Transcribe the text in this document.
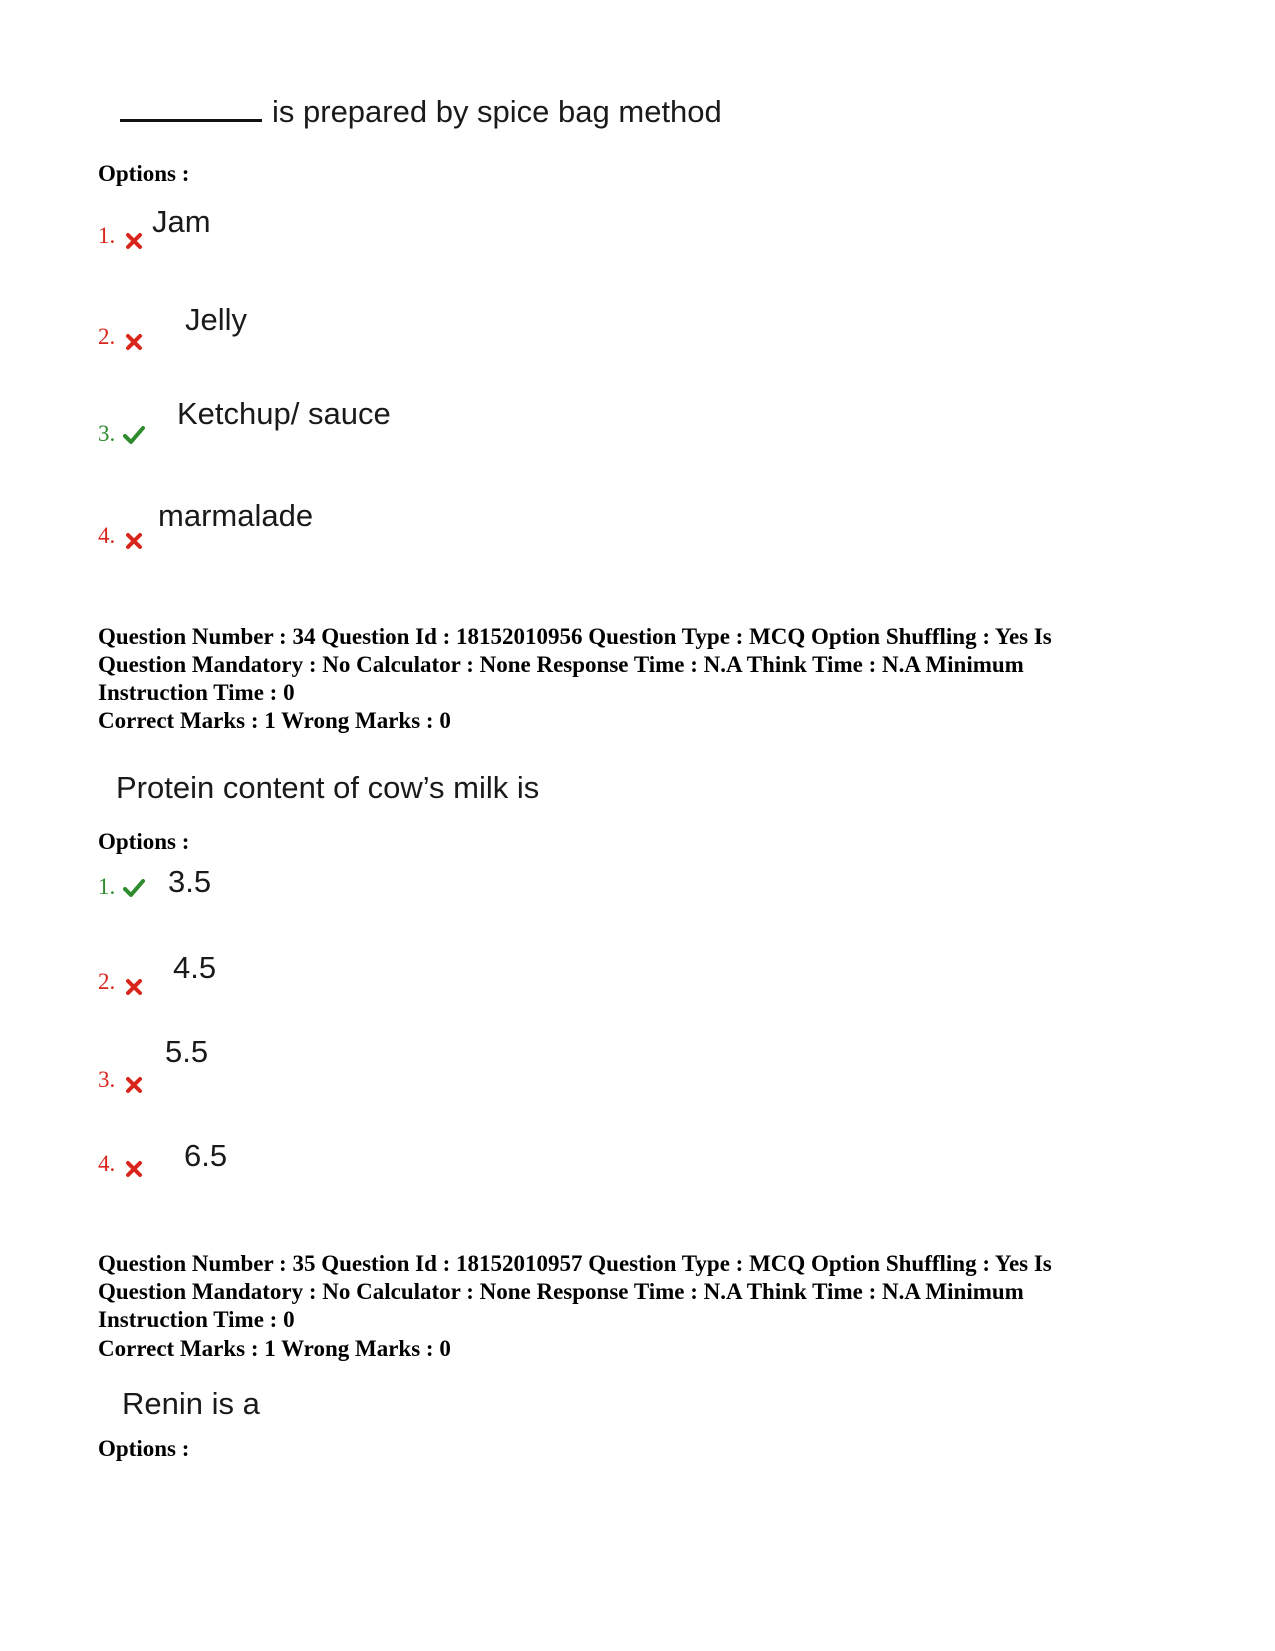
is prepared by spice bag method
Options :
1. Jam
2. Jelly
3.
Ketchup/ sauce
4.
marmalade
Question Number : 34 Question Id : 18152010956 Question Type : MCQ Option Shuffling : Yes Is Question Mandatory : No Calculator : None Response Time : N.A Think Time : N.A Minimum Instruction Time : 0
Correct Marks : 1 Wrong Marks : 0
Protein content of cow’s milk is
Options :
1. 3.5
2. 4.5
3.
5.5
4. 6.5
Question Number : 35 Question Id : 18152010957 Question Type : MCQ Option Shuffling : Yes Is Question Mandatory : No Calculator : None Response Time : N.A Think Time : N.A Minimum Instruction Time : 0
Correct Marks : 1 Wrong Marks : 0
Renin is a
Options :
